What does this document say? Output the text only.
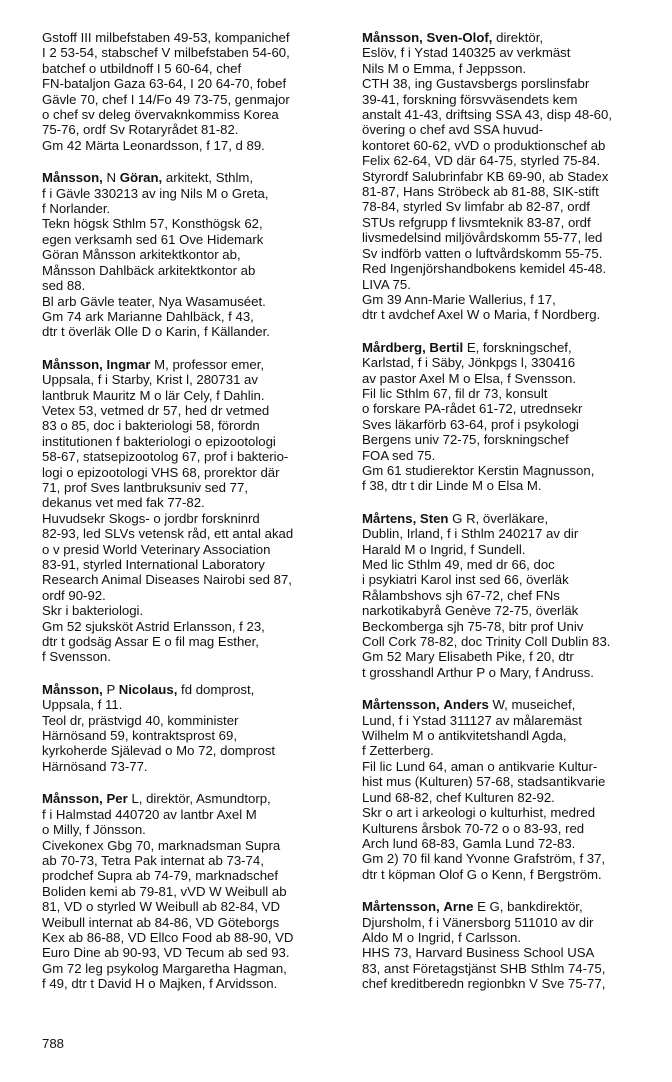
Gstoff III milbefstaben 49-53, kompanichef
I 2 53-54, stabschef V milbefstaben 54-60,
batchef o utbildnoff I 5 60-64, chef
FN-bataljon Gaza 63-64, I 20 64-70, fobef
Gävle 70, chef I 14/Fo 49 73-75, genmajor
o chef sv deleg övervaknkommiss Korea
75-76, ordf Sv Rotaryrådet 81-82.
Gm 42 Märta Leonardsson, f 17, d 89.
Månsson, N Göran, arkitekt, Sthlm,
f i Gävle 330213 av ing Nils M o Greta,
f Norlander.
Tekn högsk Sthlm 57, Konsthögsk 62,
egen verksamh sed 61 Ove Hidemark
Göran Månsson arkitektkontor ab,
Månsson Dahlbäck arkitektkontor ab
sed 88.
Bl arb Gävle teater, Nya Wasamuséet.
Gm 74 ark Marianne Dahlbäck, f 43,
dtr t överläk Olle D o Karin, f Källander.
Månsson, Ingmar M, professor emer,
Uppsala, f i Starby, Krist l, 280731 av
lantbruk Mauritz M o lär Cely, f Dahlin.
Vetex 53, vetmed dr 57, hed dr vetmed
83 o 85, doc i bakteriologi 58, förordn
institutionen f bakteriologi o epizootologi
58-67, statsepizootolog 67, prof i bakterio-
logi o epizootologi VHS 68, prorektor där
71, prof Sves lantbruksuniv sed 77,
dekanus vet med fak 77-82.
Huvudsekr Skogs- o jordbr forskninrd
82-93, led SLVs vetensk råd, ett antal akad
o v presid World Veterinary Association
83-91, styrled International Laboratory
Research Animal Diseases Nairobi sed 87,
ordf 90-92.
Skr i bakteriologi.
Gm 52 sjuksköt Astrid Erlansson, f 23,
dtr t godsäg Assar E o fil mag Esther,
f Svensson.
Månsson, P Nicolaus, fd domprost,
Uppsala, f 11.
Teol dr, prästvigd 40, komminister
Härnösand 59, kontraktsprost 69,
kyrkoherde Själevad o Mo 72, domprost
Härnösand 73-77.
Månsson, Per L, direktör, Asmundtorp,
f i Halmstad 440720 av lantbr Axel M
o Milly, f Jönsson.
Civekonex Gbg 70, marknadsman Supra
ab 70-73, Tetra Pak internat ab 73-74,
prodchef Supra ab 74-79, marknadschef
Boliden kemi ab 79-81, vVD W Weibull ab
81, VD o styrled W Weibull ab 82-84, VD
Weibull internat ab 84-86, VD Göteborgs
Kex ab 86-88, VD Ellco Food ab 88-90, VD
Euro Dine ab 90-93, VD Tecum ab sed 93.
Gm 72 leg psykolog Margaretha Hagman,
f 49, dtr t David H o Majken, f Arvidsson.
Månsson, Sven-Olof, direktör,
Eslöv, f i Ystad 140325 av verkmäst
Nils M o Emma, f Jeppsson.
CTH 38, ing Gustavsbergs porslinsfabr
39-41, forskning försvväsendets kem
anstalt 41-43, driftsing SSA 43, disp 48-60,
övering o chef avd SSA huvud-
kontoret 60-62, vVD o produktionschef ab
Felix 62-64, VD där 64-75, styrled 75-84.
Styrordf Salubrinfabr KB 69-90, ab Stadex
81-87, Hans Ströbeck ab 81-88, SIK-stift
78-84, styrled Sv limfabr ab 82-87, ordf
STUs refgrupp f livsmteknik 83-87, ordf
livsmedelsind miljövårdskomm 55-77, led
Sv indförb vatten o luftvårdskomm 55-75.
Red Ingenjörshandbokens kemidel 45-48.
LIVA 75.
Gm 39 Ann-Marie Wallerius, f 17,
dtr t avdchef Axel W o Maria, f Nordberg.
Mårdberg, Bertil E, forskningschef,
Karlstad, f i Säby, Jönkpgs l, 330416
av pastor Axel M o Elsa, f Svensson.
Fil lic Sthlm 67, fil dr 73, konsult
o forskare PA-rådet 61-72, utrednsekr
Sves läkarförb 63-64, prof i psykologi
Bergens univ 72-75, forskningschef
FOA sed 75.
Gm 61 studierektor Kerstin Magnusson,
f 38, dtr t dir Linde M o Elsa M.
Mårtens, Sten G R, överläkare,
Dublin, Irland, f i Sthlm 240217 av dir
Harald M o Ingrid, f Sundell.
Med lic Sthlm 49, med dr 66, doc
i psykiatri Karol inst sed 66, överläk
Rålambshovs sjh 67-72, chef FNs
narkotikabyrå Genève 72-75, överläk
Beckomberga sjh 75-78, bitr prof Univ
Coll Cork 78-82, doc Trinity Coll Dublin 83.
Gm 52 Mary Elisabeth Pike, f 20, dtr
t grosshandl Arthur P o Mary, f Andruss.
Mårtensson, Anders W, museichef,
Lund, f i Ystad 311127 av målaremäst
Wilhelm M o antikvitetshandl Agda,
f Zetterberg.
Fil lic Lund 64, aman o antikvarie Kultur-
hist mus (Kulturen) 57-68, stadsantikvarie
Lund 68-82, chef Kulturen 82-92.
Skr o art i arkeologi o kulturhist, medred
Kulturens årsbok 70-72 o o 83-93, red
Arch lund 68-83, Gamla Lund 72-83.
Gm 2) 70 fil kand Yvonne Grafström, f 37,
dtr t köpman Olof G o Kenn, f Bergström.
Mårtensson, Arne E G, bankdirektör,
Djursholm, f i Vänersborg 511010 av dir
Aldo M o Ingrid, f Carlsson.
HHS 73, Harvard Business School USA
83, anst Företagstjänst SHB Sthlm 74-75,
chef kreditberedn regionbkn V Sve 75-77,
788
